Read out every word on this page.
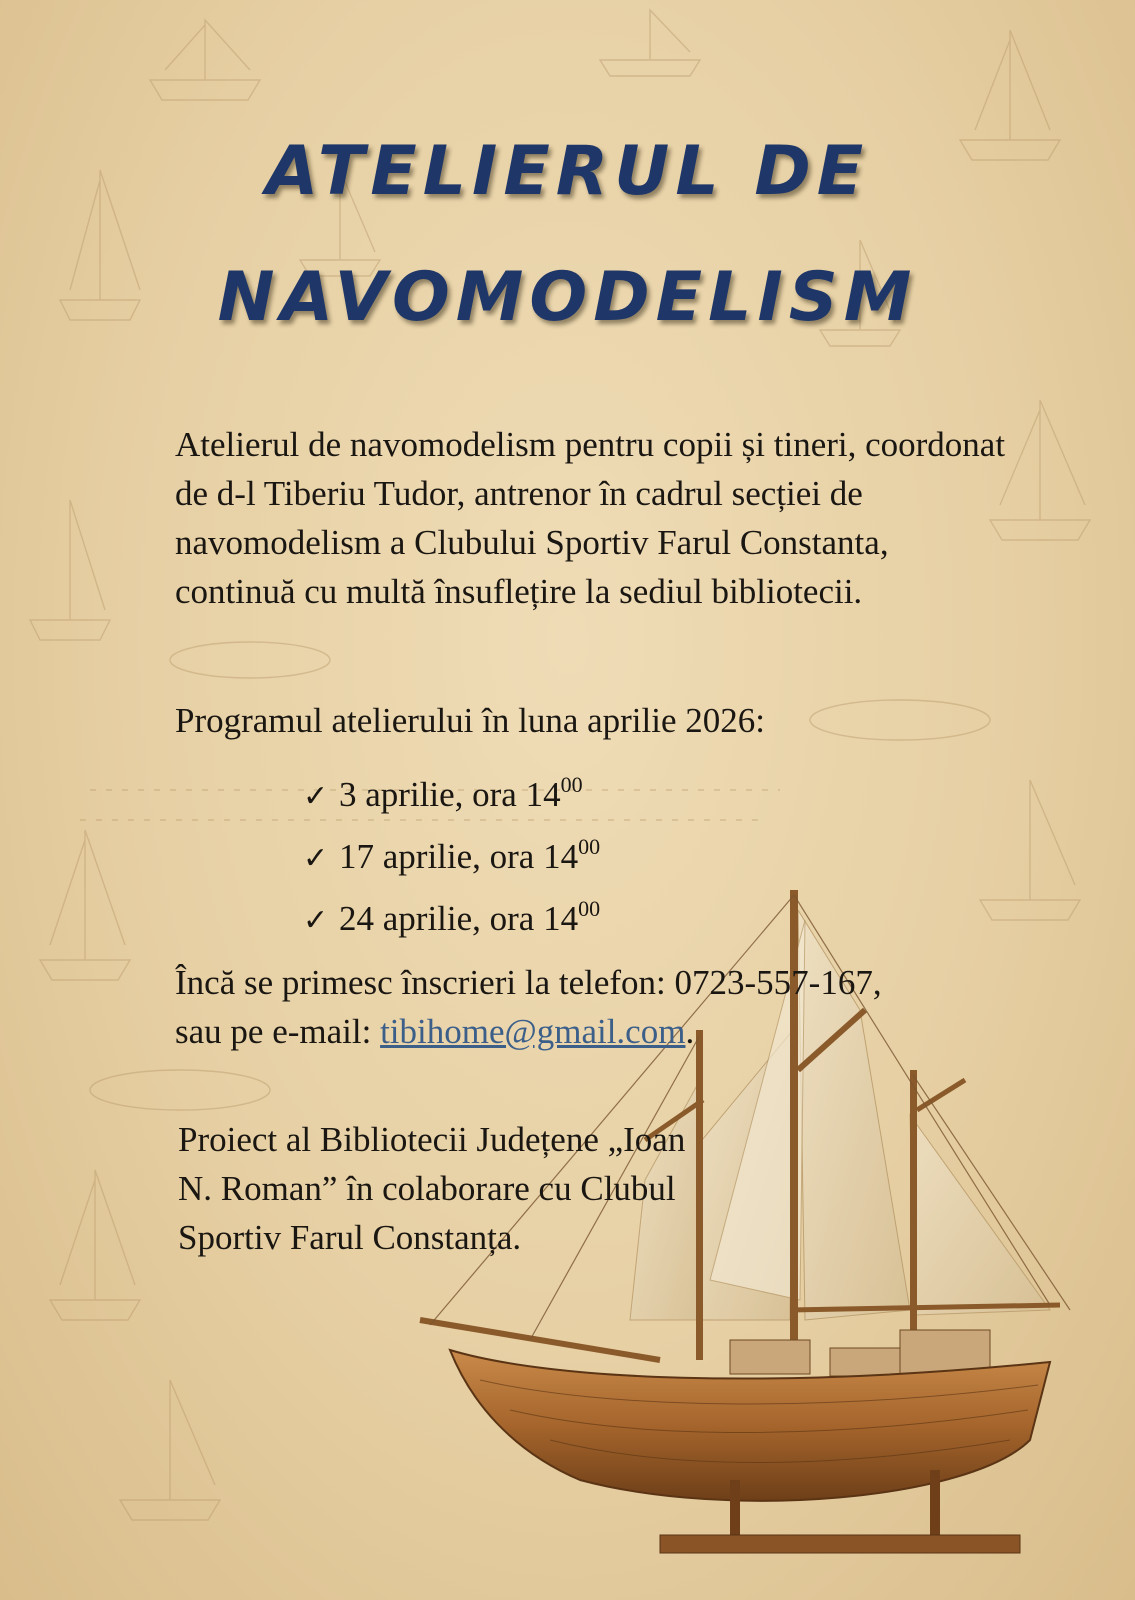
ATELIERUL DE
NAVOMODELISM

Atelierul de navomodelism pentru copii și tineri, coordonat de d-l Tiberiu Tudor, antrenor în cadrul secției de navomodelism a Clubului Sportiv Farul Constanta, continuă cu multă însuflețire la sediul bibliotecii.

Programul atelierului în luna aprilie 2026:

✓ 3 aprilie, ora $14^{00}$
✓ 17 aprilie, ora $14^{00}$
✓ 24 aprilie, ora $14^{00}$

Încă se primesc înscrieri la telefon: 0723-557-167,
sau pe e-mail: tibihome@gmail.com.

Proiect al Bibliotecii Județene „Ioan N. Roman” în colaborare cu Clubul Sportiv Farul Constanța.
